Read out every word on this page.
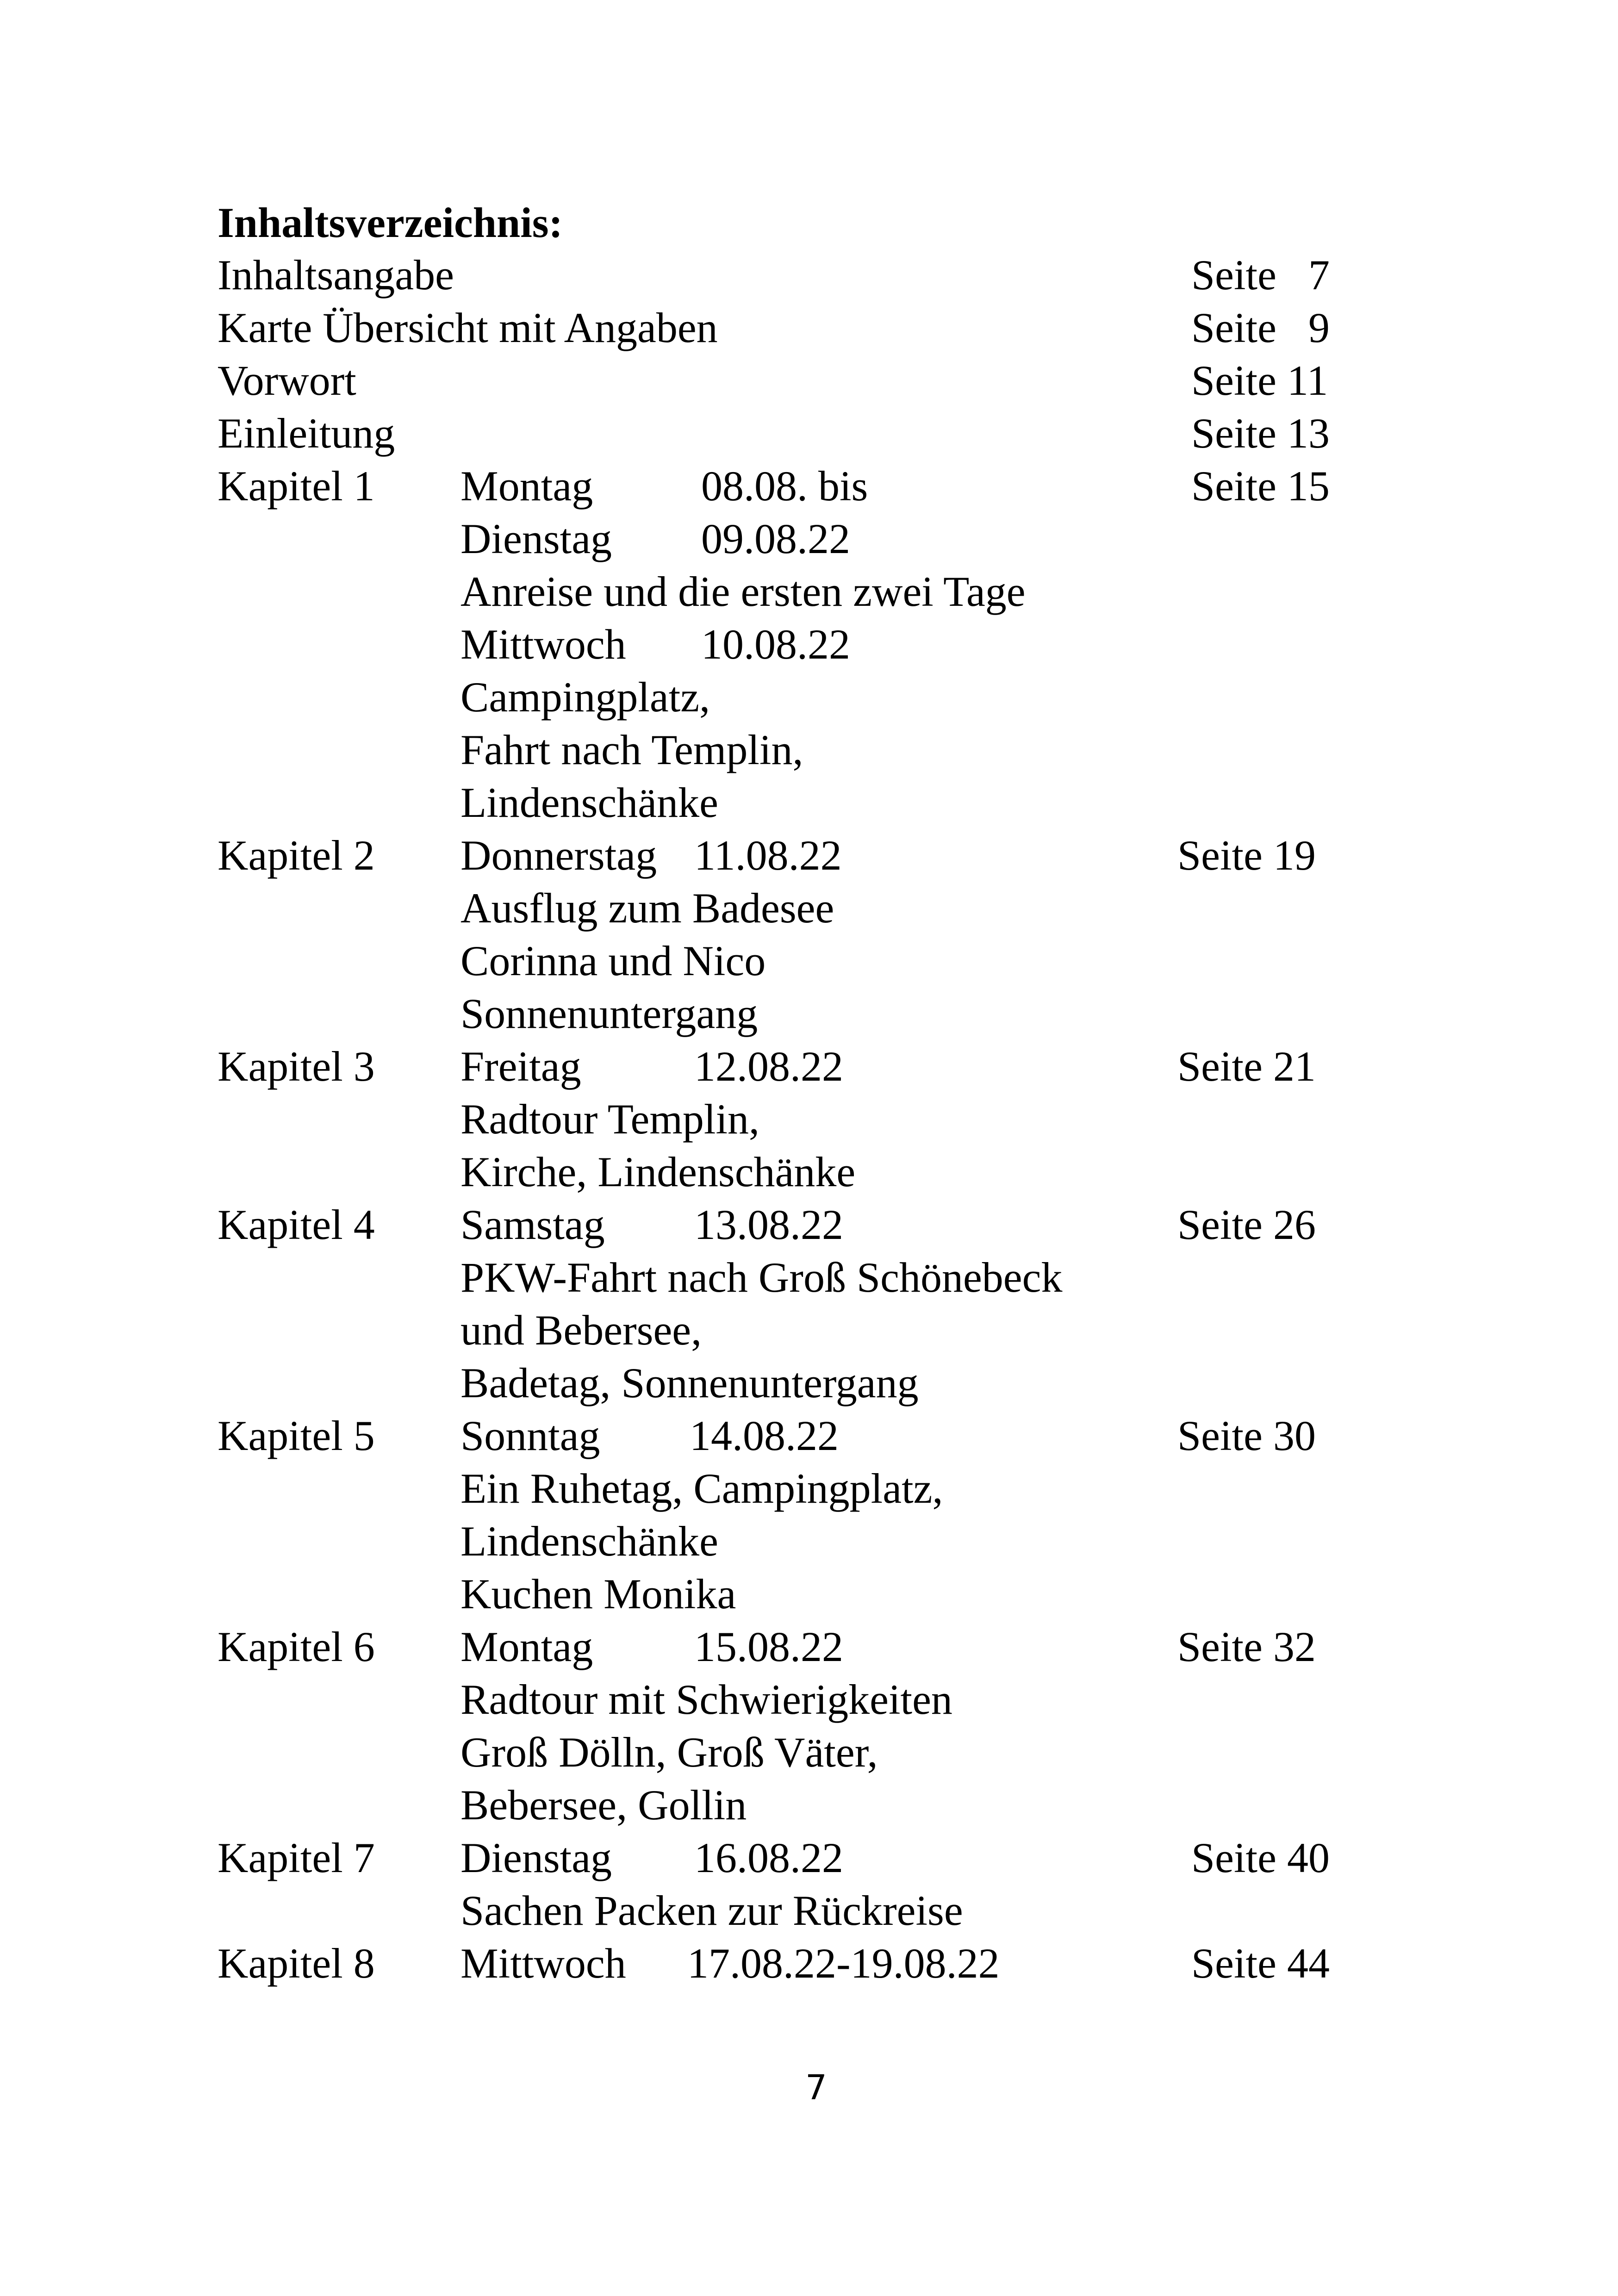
Inhaltsverzeichnis:
Inhaltsangabe	Seite   7
Karte Übersicht mit Angaben	Seite   9
Vorwort	Seite 11
Einleitung	Seite 13
Kapitel 1 Montag	08.08. bis	Seite 15
Dienstag 09.08.22
Anreise und die ersten zwei Tage
Mittwoch 10.08.22
Campingplatz,
Fahrt nach Templin,
Lindenschänke
Kapitel 2 Donnerstag 11.08.22	Seite 19
Ausflug zum Badesee
Corinna und Nico
Sonnenuntergang
Kapitel 3 Freitag	12.08.22	Seite 21
Radtour Templin,
Kirche, Lindenschänke
Kapitel 4 Samstag 13.08.22	Seite 26
PKW-Fahrt nach Groß Schönebeck
und Bebersee,
Badetag, Sonnenuntergang
Kapitel 5 Sonntag 14.08.22	Seite 30
Ein Ruhetag, Campingplatz,
Lindenschänke
Kuchen Monika
Kapitel 6 Montag 15.08.22	Seite 32
Radtour mit Schwierigkeiten
Groß Dölln, Groß Väter,
Bebersee, Gollin
Kapitel 7 Dienstag 16.08.22	Seite 40
Sachen Packen zur Rückreise
Kapitel 8 Mittwoch 17.08.22-19.08.22	Seite 44
7
